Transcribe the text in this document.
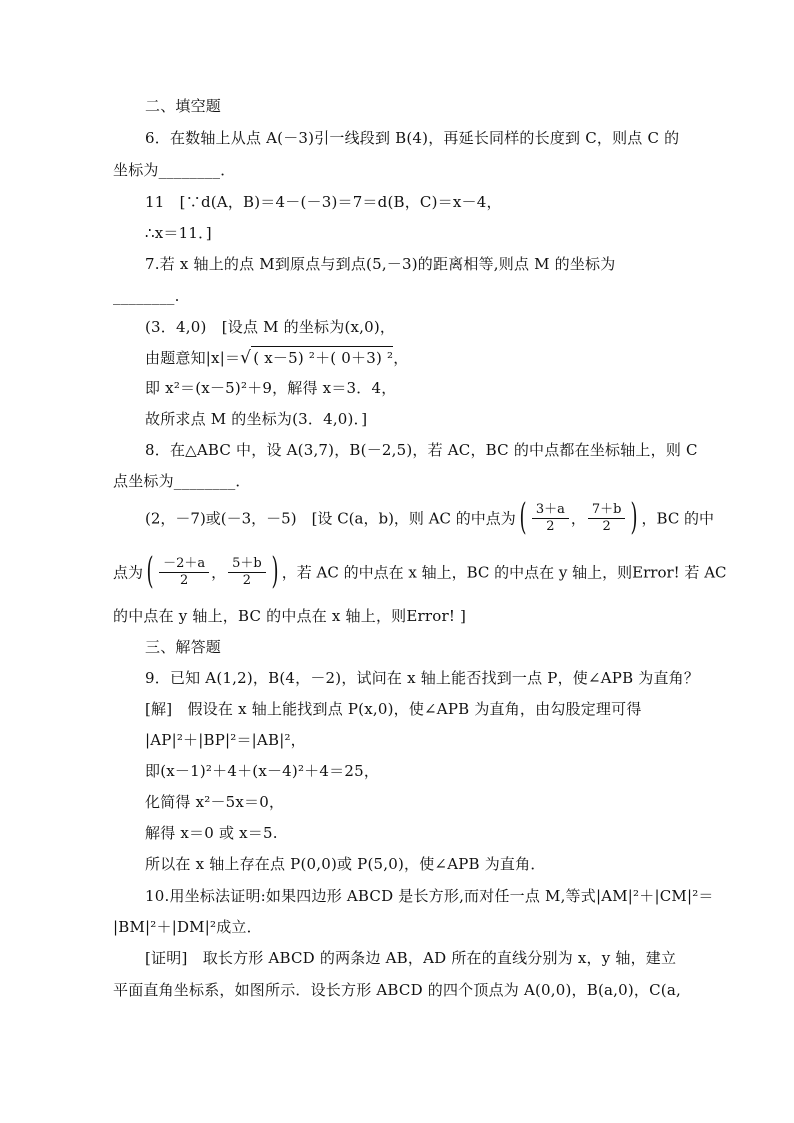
二、填空题
6．在数轴上从点 A(－3)引一线段到 B(4)，再延长同样的长度到 C，则点 C 的
坐标为________．
11　[∵d(A，B)＝4－(－3)＝7＝d(B，C)＝x－4，
∴x＝11．]
7.若 x 轴上的点 M到原点与到点(5,－3)的距离相等,则点 M 的坐标为
________.
(3．4,0)　[设点 M 的坐标为(x,0)，
由题意知|x|＝√ ( x－5) ²＋( 0＋3) ²，
即 x²＝(x－5)²＋9，解得 x＝3．4，
故所求点 M 的坐标为(3．4,0)．]
8．在△ABC 中，设 A(3,7)，B(－2,5)，若 AC，BC 的中点都在坐标轴上，则 C
点坐标为________．
(2，－7)或(－3，－5)　[设 C(a，b)，则 AC 的中点为( $\frac{3+a}{2}$ ， $\frac{7+b}{2}$ ) ，BC 的中
点为( $\frac{-2+a}{2}$ ， $\frac{5+b}{2}$ ) ，若 AC 的中点在 x 轴上，BC 的中点在 y 轴上，则Error! 若 AC
的中点在 y 轴上，BC 的中点在 x 轴上，则Error! ]
三、解答题
9．已知 A(1,2)，B(4，－2)，试问在 x 轴上能否找到一点 P，使∠APB 为直角？
[解]　假设在 x 轴上能找到点 P(x,0)，使∠APB 为直角，由勾股定理可得
|AP|²＋|BP|²＝|AB|²，
即(x－1)²＋4＋(x－4)²＋4＝25，
化简得 x²－5x＝0，
解得 x＝0 或 x＝5.
所以在 x 轴上存在点 P(0,0)或 P(5,0)，使∠APB 为直角．
10.用坐标法证明:如果四边形 ABCD 是长方形,而对任一点 M,等式|AM|²＋|CM|²＝
|BM|²＋|DM|²成立．
[证明]　取长方形 ABCD 的两条边 AB，AD 所在的直线分别为 x，y 轴，建立
平面直角坐标系，如图所示．设长方形 ABCD 的四个顶点为 A(0,0)，B(a,0)，C(a,
